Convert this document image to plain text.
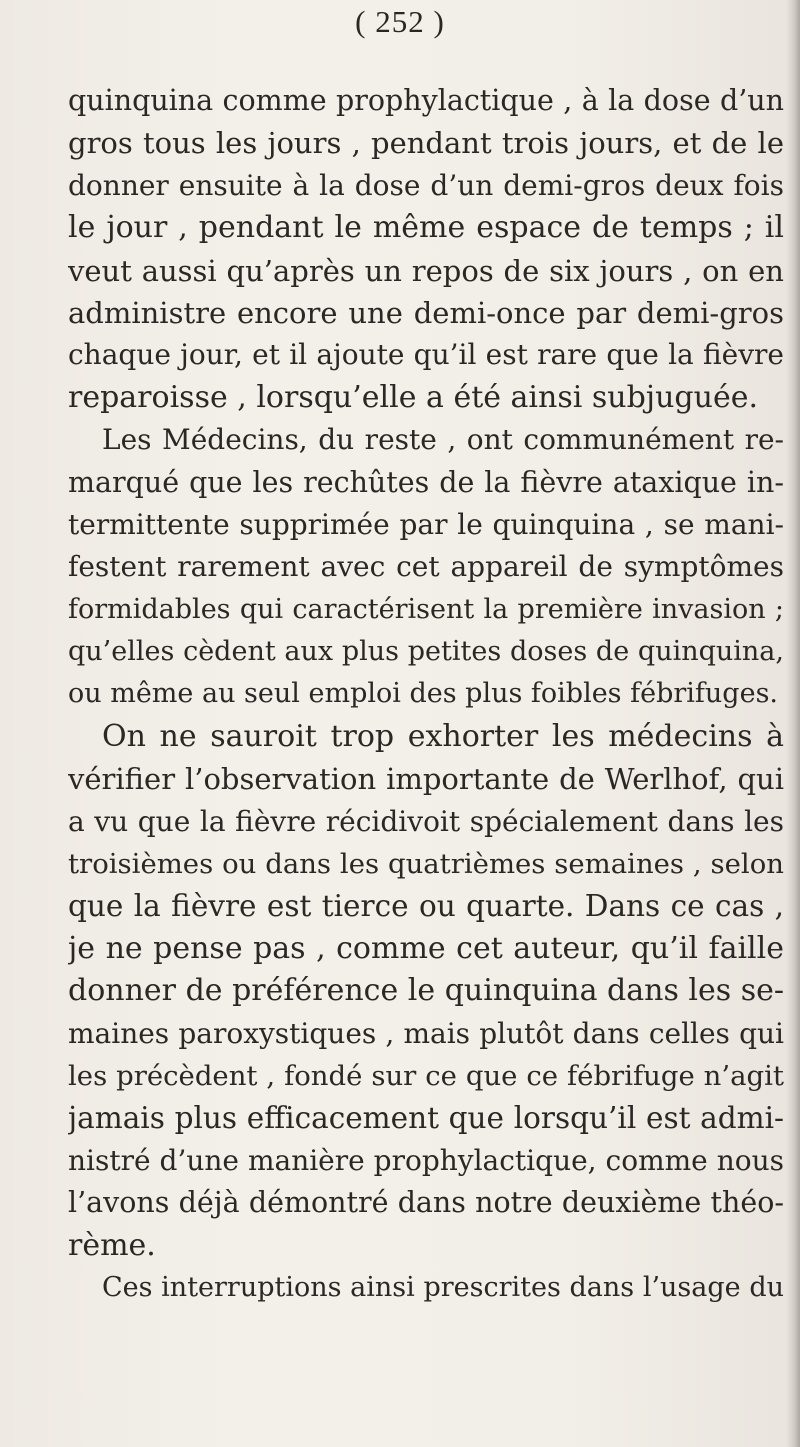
( 252 )
quinquina comme prophylactique , à la dose d’un
gros tous les jours , pendant trois jours, et de le
donner ensuite à la dose d’un demi-gros deux fois
le jour , pendant le même espace de temps ; il
veut aussi qu’après un repos de six jours , on en
administre encore une demi-once par demi-gros
chaque jour, et il ajoute qu’il est rare que la fièvre
reparoisse , lorsqu’elle a été ainsi subjuguée.
Les Médecins, du reste , ont communément re-
marqué que les rechûtes de la fièvre ataxique in-
termittente supprimée par le quinquina , se mani-
festent rarement avec cet appareil de symptômes
formidables qui caractérisent la première invasion ;
qu’elles cèdent aux plus petites doses de quinquina,
ou même au seul emploi des plus foibles fébrifuges.
On ne sauroit trop exhorter les médecins à
vérifier l’observation importante de Werlhof, qui
a vu que la fièvre récidivoit spécialement dans les
troisièmes ou dans les quatrièmes semaines , selon
que la fièvre est tierce ou quarte. Dans ce cas ,
je ne pense pas , comme cet auteur, qu’il faille
donner de préférence le quinquina dans les se-
maines paroxystiques , mais plutôt dans celles qui
les précèdent , fondé sur ce que ce fébrifuge n’agit
jamais plus efficacement que lorsqu’il est admi-
nistré d’une manière prophylactique, comme nous
l’avons déjà démontré dans notre deuxième théo-
rème.
Ces interruptions ainsi prescrites dans l’usage du
